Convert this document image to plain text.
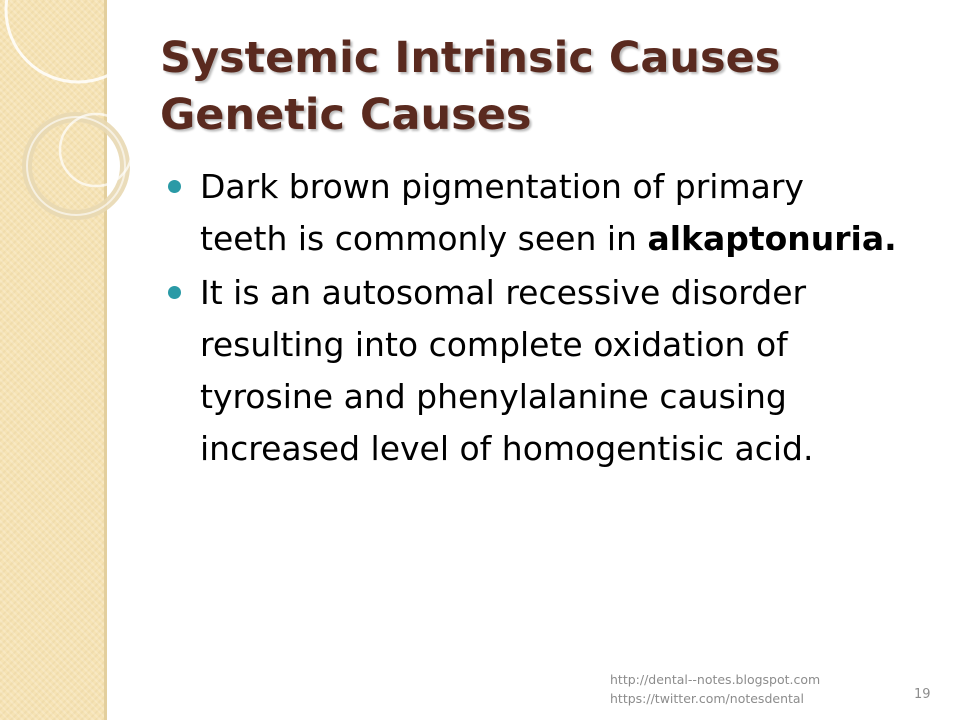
Systemic Intrinsic Causes
Genetic Causes
Dark brown pigmentation of primary
teeth is commonly seen in alkaptonuria.
It is an autosomal recessive disorder
resulting into complete oxidation of
tyrosine and phenylalanine causing
increased level of homogentisic acid.
http://dental--notes.blogspot.com
https://twitter.com/notesdental	19
